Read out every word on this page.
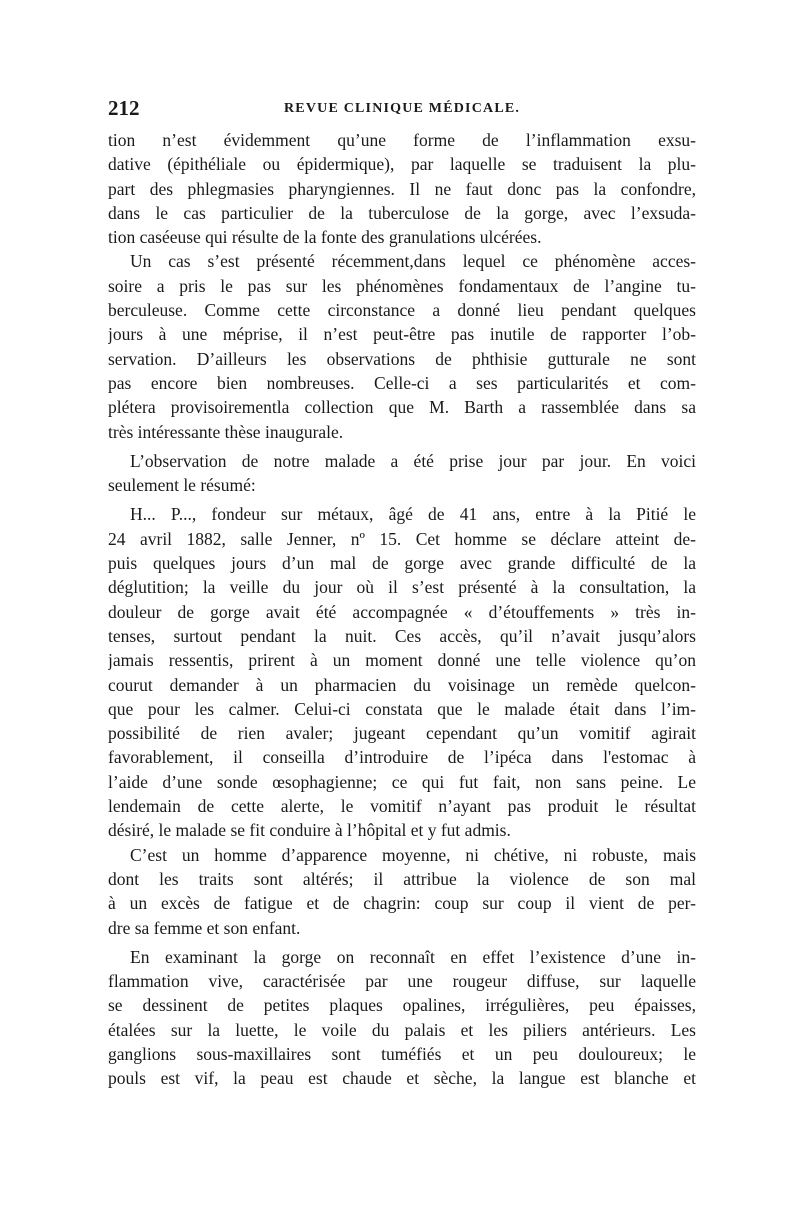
212	REVUE CLINIQUE MÉDICALE.
tion n’est évidemment qu’une forme de l’inflammation exsu-
dative (épithéliale ou épidermique), par laquelle se traduisent la plu-
part des phlegmasies pharyngiennes. Il ne faut donc pas la confondre,
dans le cas particulier de la tuberculose de la gorge, avec l’exsuda-
tion caséeuse qui résulte de la fonte des granulations ulcérées.
Un cas s’est présenté récemment,dans lequel ce phénomène acces-
soire a pris le pas sur les phénomènes fondamentaux de l’angine tu-
berculeuse. Comme cette circonstance a donné lieu pendant quelques
jours à une méprise, il n’est peut-être pas inutile de rapporter l’ob-
servation. D’ailleurs les observations de phthisie gutturale ne sont
pas encore bien nombreuses. Celle-ci a ses particularités et com-
plétera provisoirementla collection que M. Barth a rassemblée dans sa
très intéressante thèse inaugurale.
L’observation de notre malade a été prise jour par jour. En voici
seulement le résumé:
H... P..., fondeur sur métaux, âgé de 41 ans, entre à la Pitié le
24 avril 1882, salle Jenner, nº 15. Cet homme se déclare atteint de-
puis quelques jours d’un mal de gorge avec grande difficulté de la
déglutition; la veille du jour où il s’est présenté à la consultation, la
douleur de gorge avait été accompagnée « d’étouffements » très in-
tenses, surtout pendant la nuit. Ces accès, qu’il n’avait jusqu’alors
jamais ressentis, prirent à un moment donné une telle violence qu’on
courut demander à un pharmacien du voisinage un remède quelcon-
que pour les calmer. Celui-ci constata que le malade était dans l’im-
possibilité de rien avaler; jugeant cependant qu’un vomitif agirait
favorablement, il conseilla d’introduire de l’ipéca dans l'estomac à
l’aide d’une sonde œsophagienne; ce qui fut fait, non sans peine. Le
lendemain de cette alerte, le vomitif n’ayant pas produit le résultat
désiré, le malade se fit conduire à l’hôpital et y fut admis.
C’est un homme d’apparence moyenne, ni chétive, ni robuste, mais
dont les traits sont altérés; il attribue la violence de son mal
à un excès de fatigue et de chagrin: coup sur coup il vient de per-
dre sa femme et son enfant.
En examinant la gorge on reconnaît en effet l’existence d’une in-
flammation vive, caractérisée par une rougeur diffuse, sur laquelle
se dessinent de petites plaques opalines, irrégulières, peu épaisses,
étalées sur la luette, le voile du palais et les piliers antérieurs. Les
ganglions sous-maxillaires sont tuméfiés et un peu douloureux; le
pouls est vif, la peau est chaude et sèche, la langue est blanche et
